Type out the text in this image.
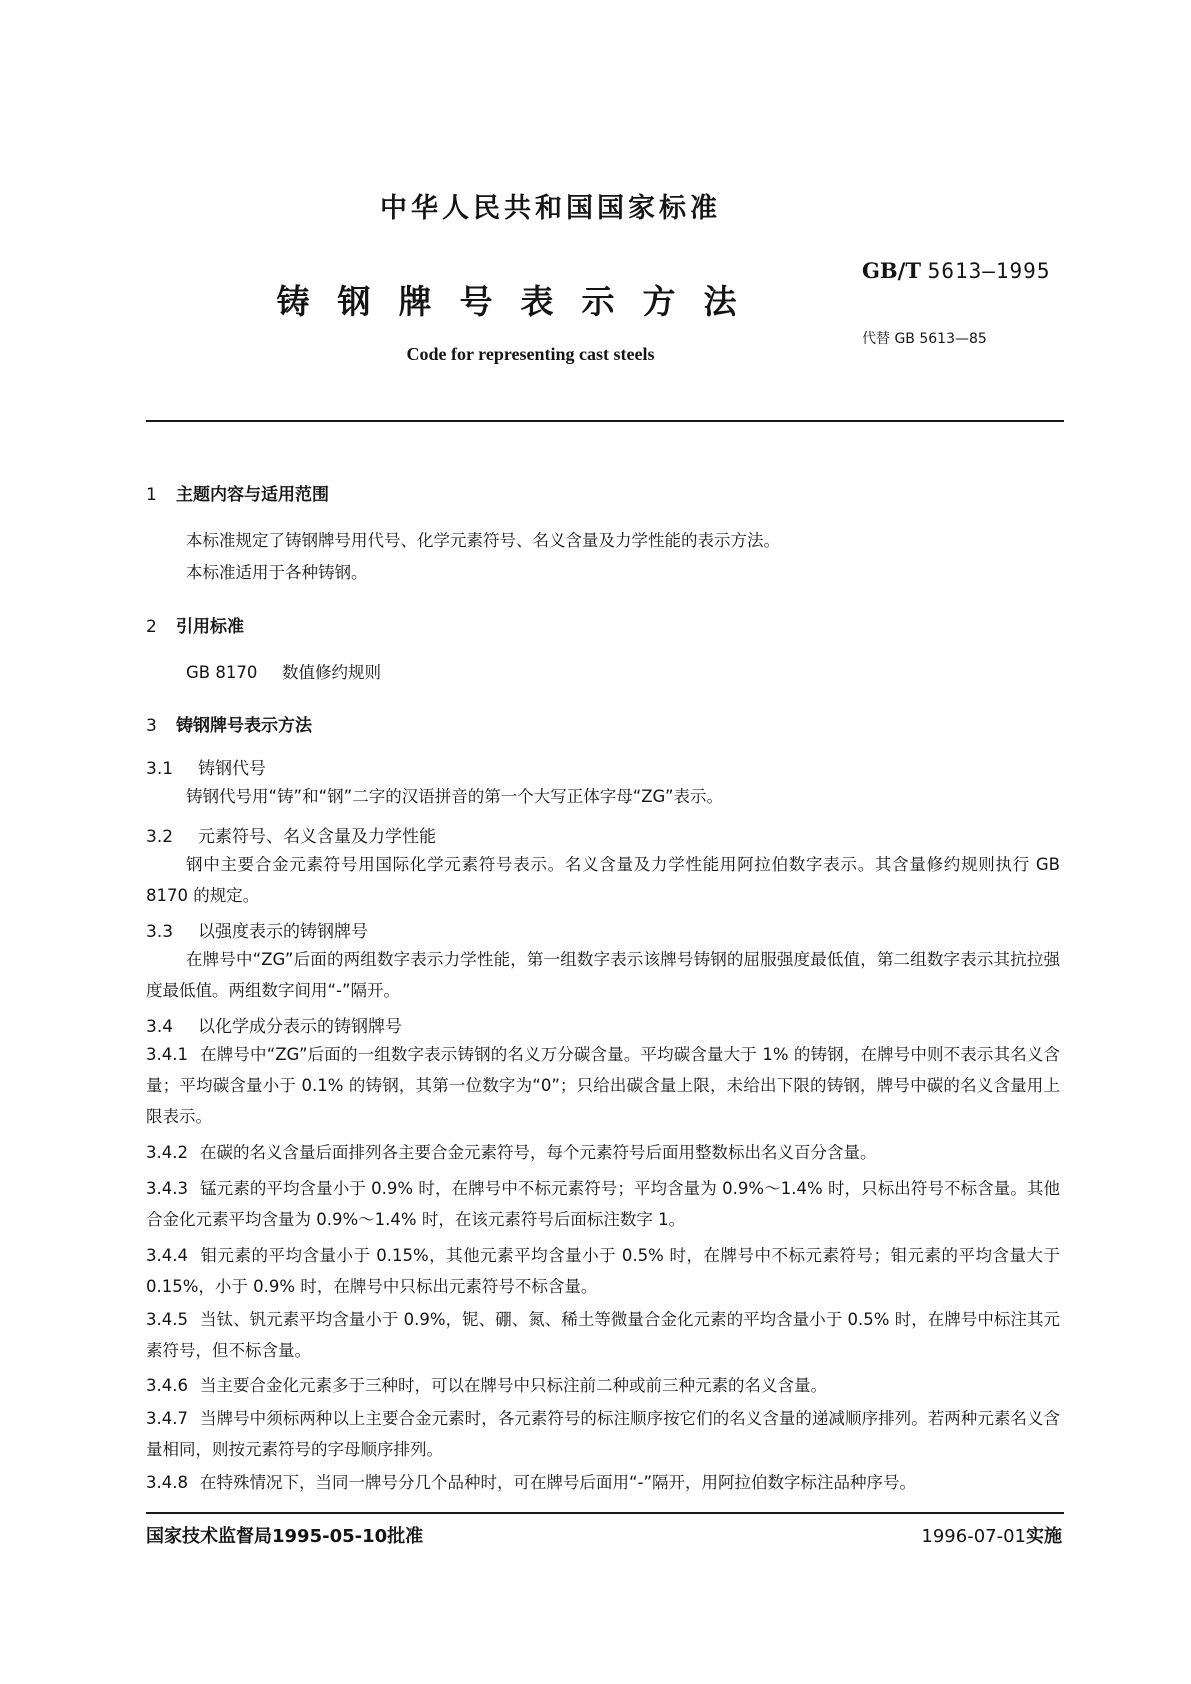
中华人民共和国国家标准
GB/T 5613—1995
铸钢牌号表示方法
代替 GB 5613—85
Code for representing cast steels
1 主题内容与适用范围

本标准规定了铸钢牌号用代号、化学元素符号、名义含量及力学性能的表示方法。

本标准适用于各种铸钢。

2 引用标准
GB 8170 数值修约规则
3 铸钢牌号表示方法
3.1 铸钢代号

铸钢代号用“铸”和“钢”二字的汉语拼音的第一个大写正体字母“ZG”表示。

3.2 元素符号、名义含量及力学性能

钢中主要合金元素符号用国际化学元素符号表示。名义含量及力学性能用阿拉伯数字表示。其含量修约规则执行 GB 8170 的规定。

3.3 以强度表示的铸钢牌号

在牌号中“ZG”后面的两组数字表示力学性能，第一组数字表示该牌号铸钢的屈服强度最低值，第二组数字表示其抗拉强度最低值。两组数字间用“-”隔开。

3.4 以化学成分表示的铸钢牌号

3.4.1 在牌号中“ZG”后面的一组数字表示铸钢的名义万分碳含量。平均碳含量大于 1% 的铸钢，在牌号中则不表示其名义含量；平均碳含量小于 0.1% 的铸钢，其第一位数字为“0”；只给出碳含量上限，未给出下限的铸钢，牌号中碳的名义含量用上限表示。

3.4.2 在碳的名义含量后面排列各主要合金元素符号，每个元素符号后面用整数标出名义百分含量。

3.4.3 锰元素的平均含量小于 0.9% 时，在牌号中不标元素符号；平均含量为 0.9%～1.4% 时，只标出符号不标含量。其他合金化元素平均含量为 0.9%～1.4% 时，在该元素符号后面标注数字 1。

3.4.4 钼元素的平均含量小于 0.15%，其他元素平均含量小于 0.5% 时，在牌号中不标元素符号；钼元素的平均含量大于 0.15%，小于 0.9% 时，在牌号中只标出元素符号不标含量。

3.4.5 当钛、钒元素平均含量小于 0.9%，铌、硼、氮、稀土等微量合金化元素的平均含量小于 0.5% 时，在牌号中标注其元素符号，但不标含量。

3.4.6 当主要合金化元素多于三种时，可以在牌号中只标注前二种或前三种元素的名义含量。

3.4.7 当牌号中须标两种以上主要合金元素时，各元素符号的标注顺序按它们的名义含量的递减顺序排列。若两种元素名义含量相同，则按元素符号的字母顺序排列。

3.4.8 在特殊情况下，当同一牌号分几个品种时，可在牌号后面用“-”隔开，用阿拉伯数字标注品种序号。

国家技术监督局1995-05-10批准	1996-07-01实施
